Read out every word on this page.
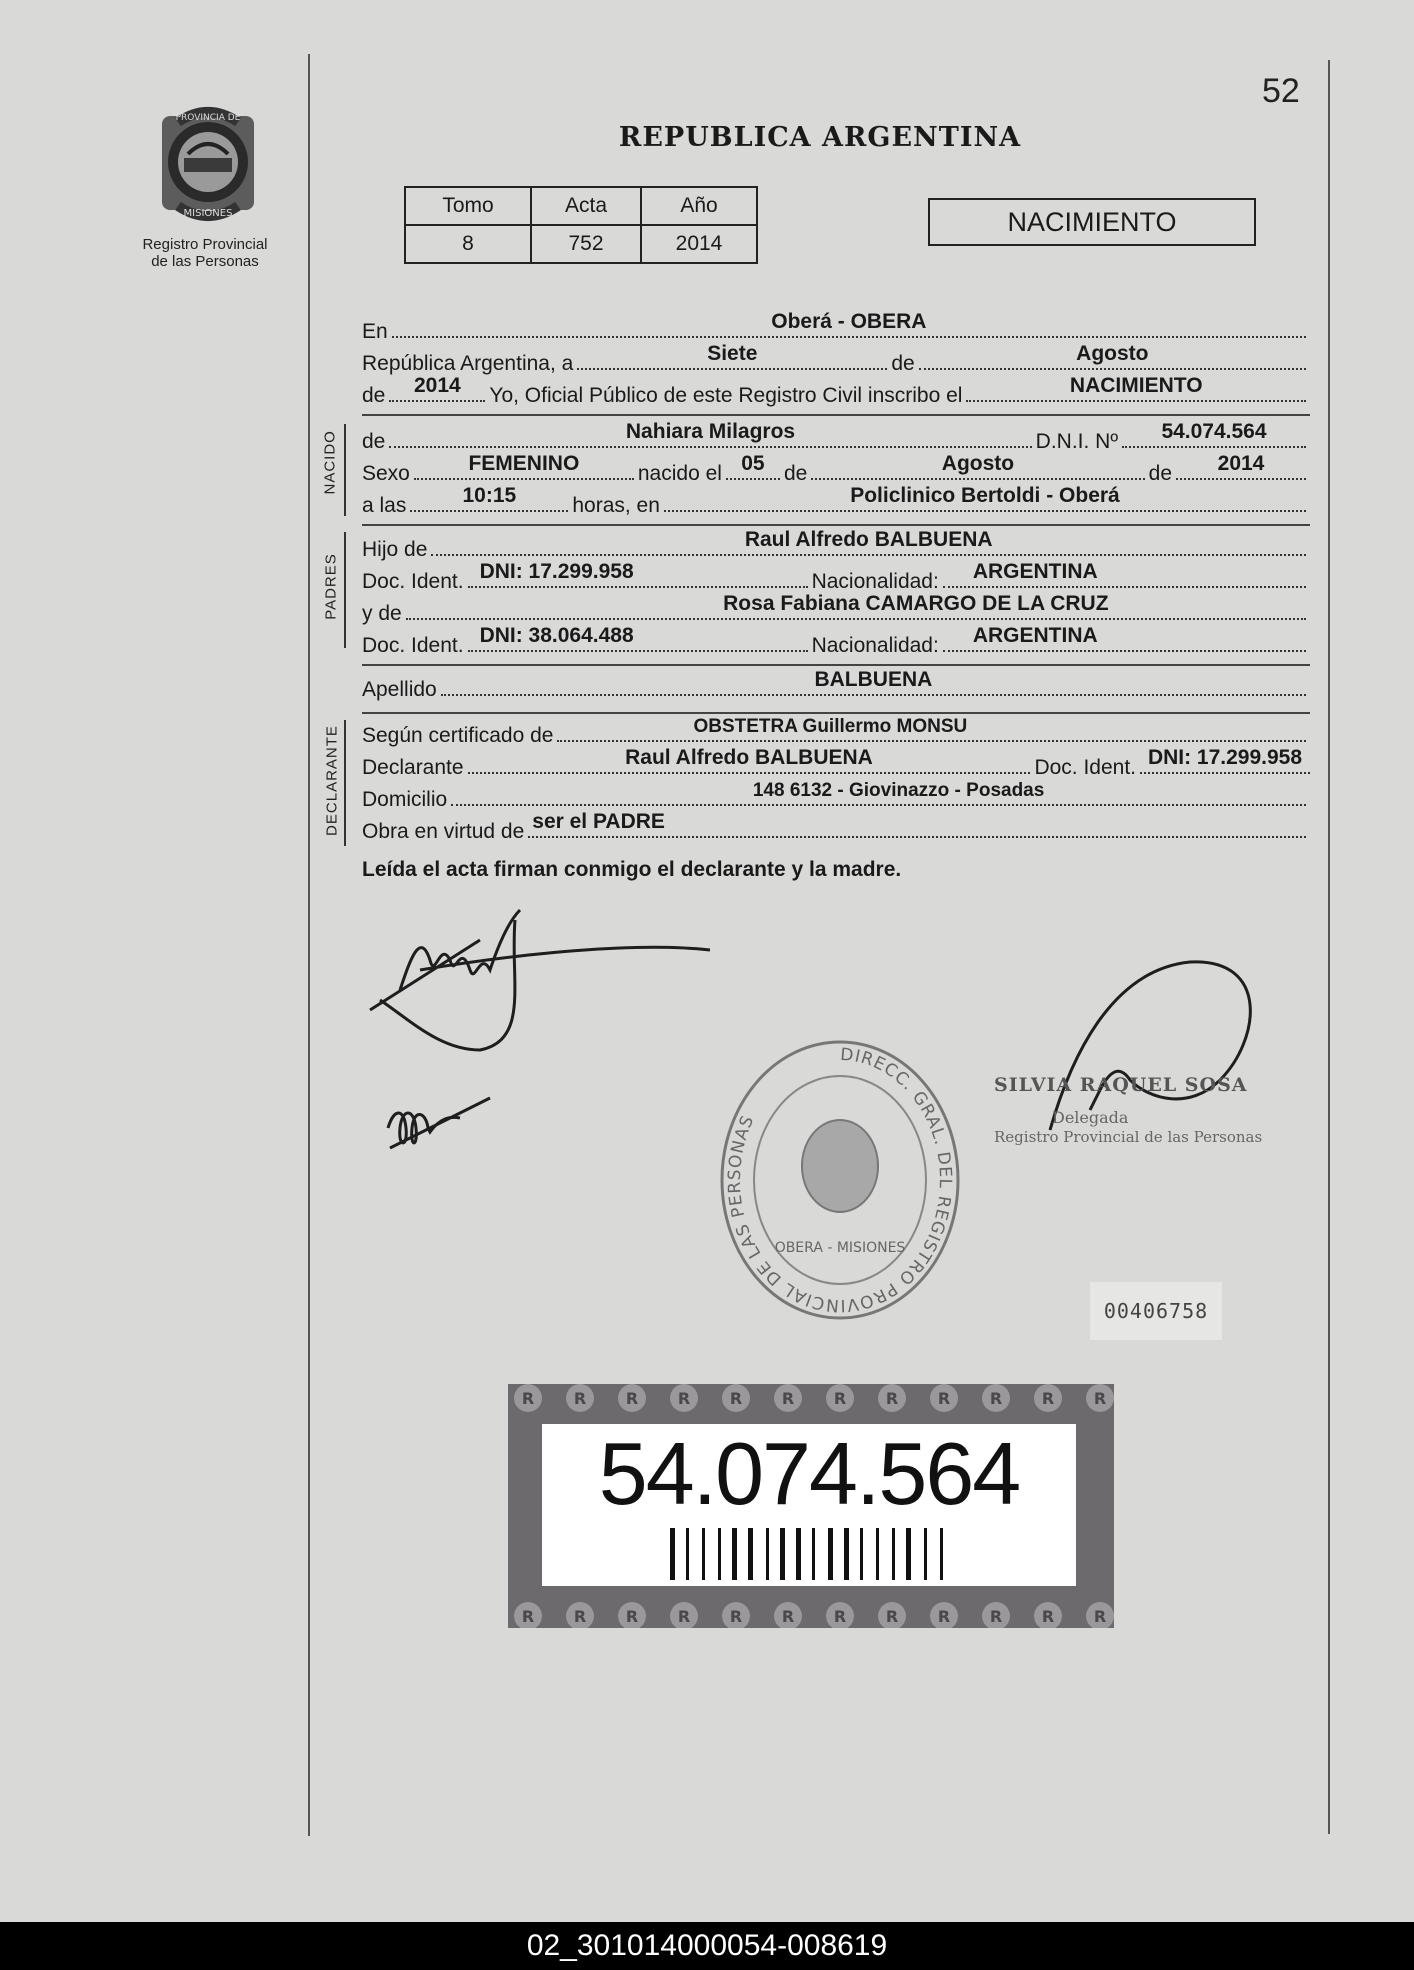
PROVINCIA DE
MISIONES
Registro Provincial
de las Personas
52
REPUBLICA ARGENTINA
Tomo	Acta	Año
8	752	2014
NACIMIENTO
En	Oberá - OBERA
República Argentina, a	Siete	de	Agosto
de	2014	Yo, Oficial Público de este Registro Civil inscribo el	NACIMIENTO
NACIDO de	Nahiara Milagros	D.N.I. Nº	54.074.564
Sexo	FEMENINO	nacido el 05 de	Agosto	de	2014
a las	10:15	horas, en	Policlinico Bertoldi - Oberá
PADRES
Hijo de	Raul Alfredo BALBUENA
Doc. Ident. DNI: 17.299.958	Nacionalidad: ARGENTINA
y de	Rosa Fabiana CAMARGO DE LA CRUZ
Doc. Ident. DNI: 38.064.488	Nacionalidad: ARGENTINA
Apellido	BALBUENA
DECLARANTE Según certificado de	OBSTETRA Guillermo MONSU
Declarante	Raul Alfredo BALBUENA	Doc. Ident. DNI: 17.299.958
Domicilio	148 6132 - Giovinazzo - Posadas
Obra en virtud de ser el PADRE
Leída el acta firman conmigo el declarante y la madre.
DIRECC. GRAL. DEL REGISTRO PROVINCIAL DE LAS PERSONAS
OBERA - MISIONES
SILVIA RAQUEL SOSA
Delegada
Registro Provincial de las Personas
00406758
R
R
R
R
R
R
R
R
R
R
R
R
R
R
R
R
R
R
R
R
R
R
R
R
54.074.564
02_301014000054-008619
